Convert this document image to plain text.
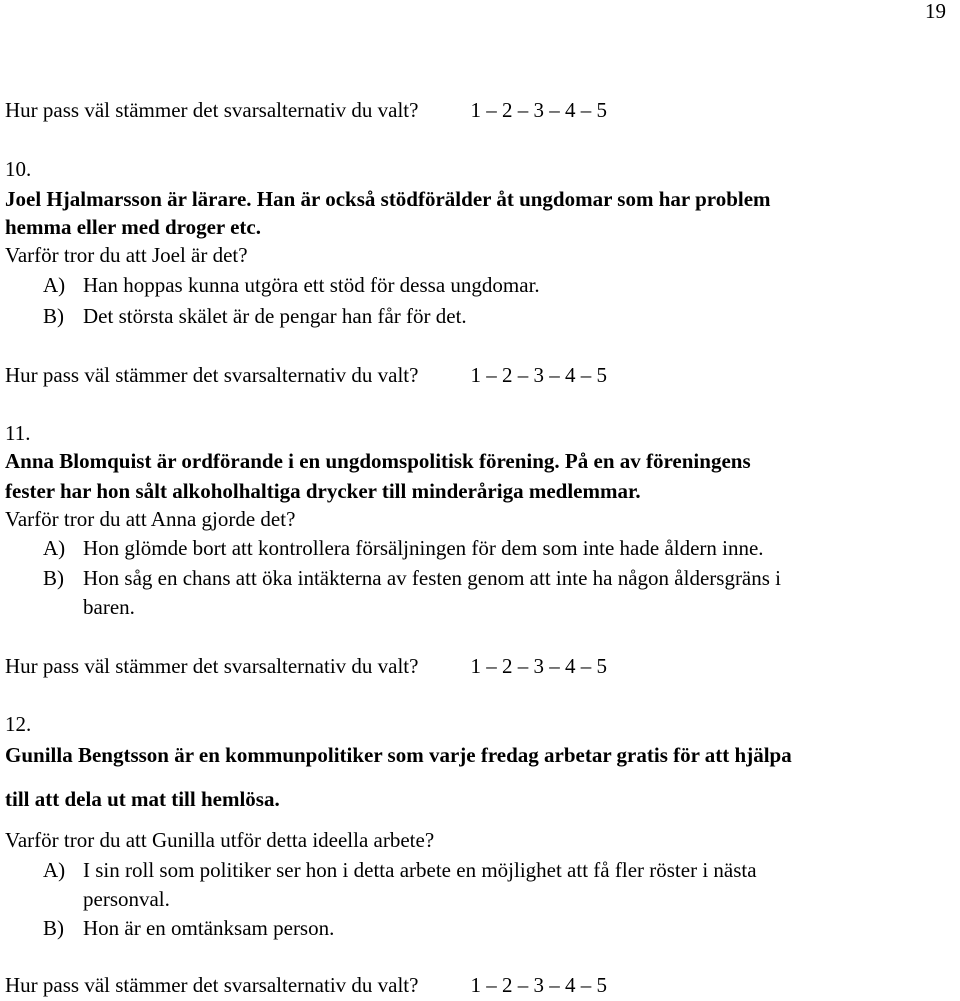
19
Hur pass väl stämmer det svarsalternativ du valt? 1 – 2 – 3 – 4 – 5
10.
Joel Hjalmarsson är lärare. Han är också stödförälder åt ungdomar som har problem
hemma eller med droger etc.
Varför tror du att Joel är det?
A) Han hoppas kunna utgöra ett stöd för dessa ungdomar.
B) Det största skälet är de pengar han får för det.
Hur pass väl stämmer det svarsalternativ du valt? 1 – 2 – 3 – 4 – 5
11.
Anna Blomquist är ordförande i en ungdomspolitisk förening. På en av föreningens
fester har hon sålt alkoholhaltiga drycker till minderåriga medlemmar.
Varför tror du att Anna gjorde det?
A) Hon glömde bort att kontrollera försäljningen för dem som inte hade åldern inne.
B) Hon såg en chans att öka intäkterna av festen genom att inte ha någon åldersgräns i
baren.
Hur pass väl stämmer det svarsalternativ du valt? 1 – 2 – 3 – 4 – 5
12.
Gunilla Bengtsson är en kommunpolitiker som varje fredag arbetar gratis för att hjälpa
till att dela ut mat till hemlösa.
Varför tror du att Gunilla utför detta ideella arbete?
A) I sin roll som politiker ser hon i detta arbete en möjlighet att få fler röster i nästa
personval.
B) Hon är en omtänksam person.
Hur pass väl stämmer det svarsalternativ du valt? 1 – 2 – 3 – 4 – 5
